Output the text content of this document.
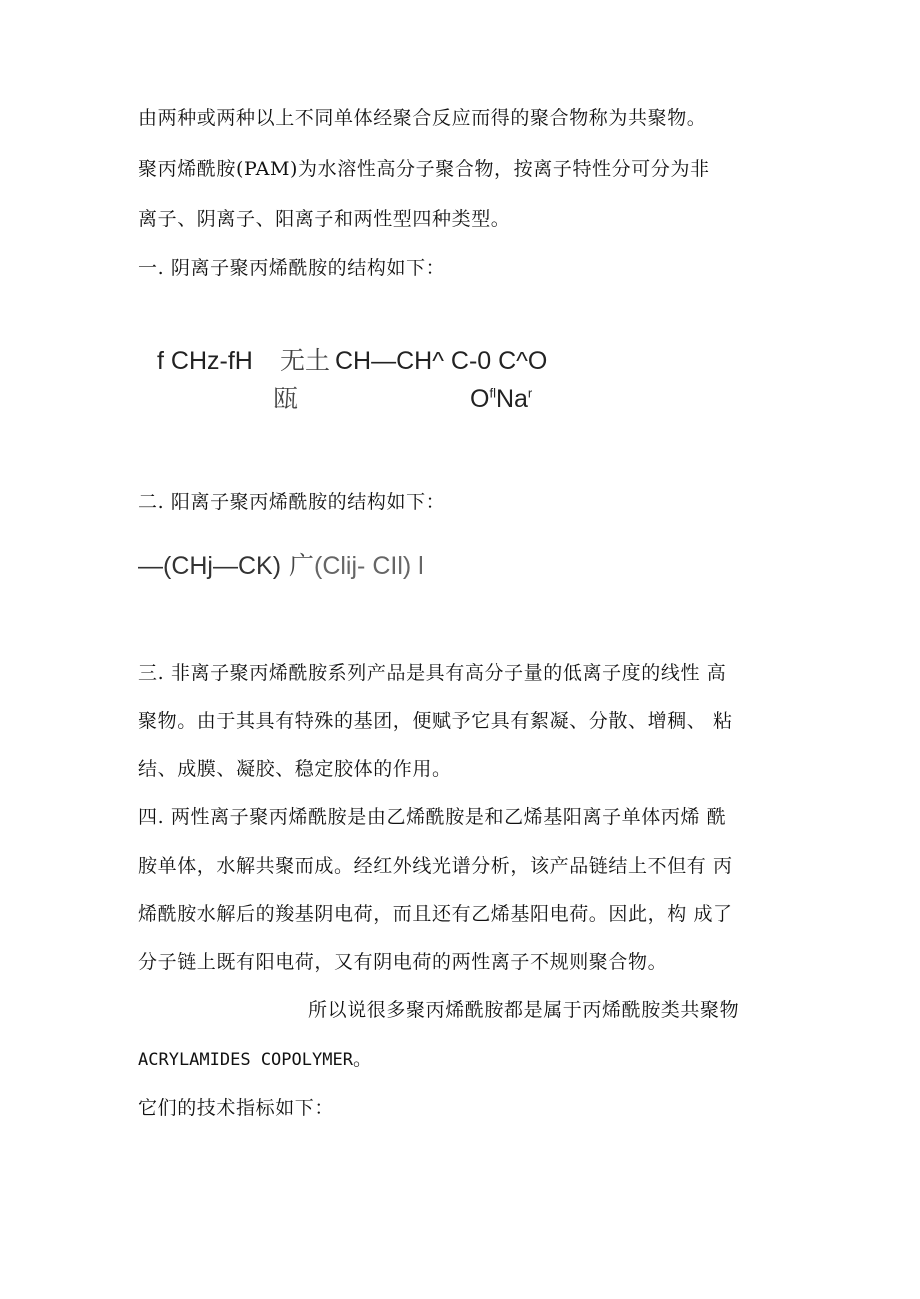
由两种或两种以上不同单体经聚合反应而得的聚合物称为共聚物。
聚丙烯酰胺(PAM)为水溶性高分子聚合物，按离子特性分可分为非
离子、阴离子、阳离子和两性型四种类型。
一. 阴离子聚丙烯酰胺的结构如下：
f CHz-fH 无土 CH—CH^ C-0 C^O
瓯	$O^{fl}Na^r$
二. 阳离子聚丙烯酰胺的结构如下：
—(CHj—CK) 广 (Clij- CIl) l
三. 非离子聚丙烯酰胺系列产品是具有高分子量的低离子度的线性 高
聚物。由于其具有特殊的基团，便赋予它具有絮凝、分散、增稠、 粘
结、成膜、凝胶、稳定胶体的作用。
四. 两性离子聚丙烯酰胺是由乙烯酰胺是和乙烯基阳离子单体丙烯 酰
胺单体，水解共聚而成。经红外线光谱分析，该产品链结上不但有 丙
烯酰胺水解后的羧基阴电荷，而且还有乙烯基阳电荷。因此，构 成了
分子链上既有阳电荷，又有阴电荷的两性离子不规则聚合物。
所以说很多聚丙烯酰胺都是属于丙烯酰胺类共聚物
ACRYLAMIDES COPOLYMER。
它们的技术指标如下：
